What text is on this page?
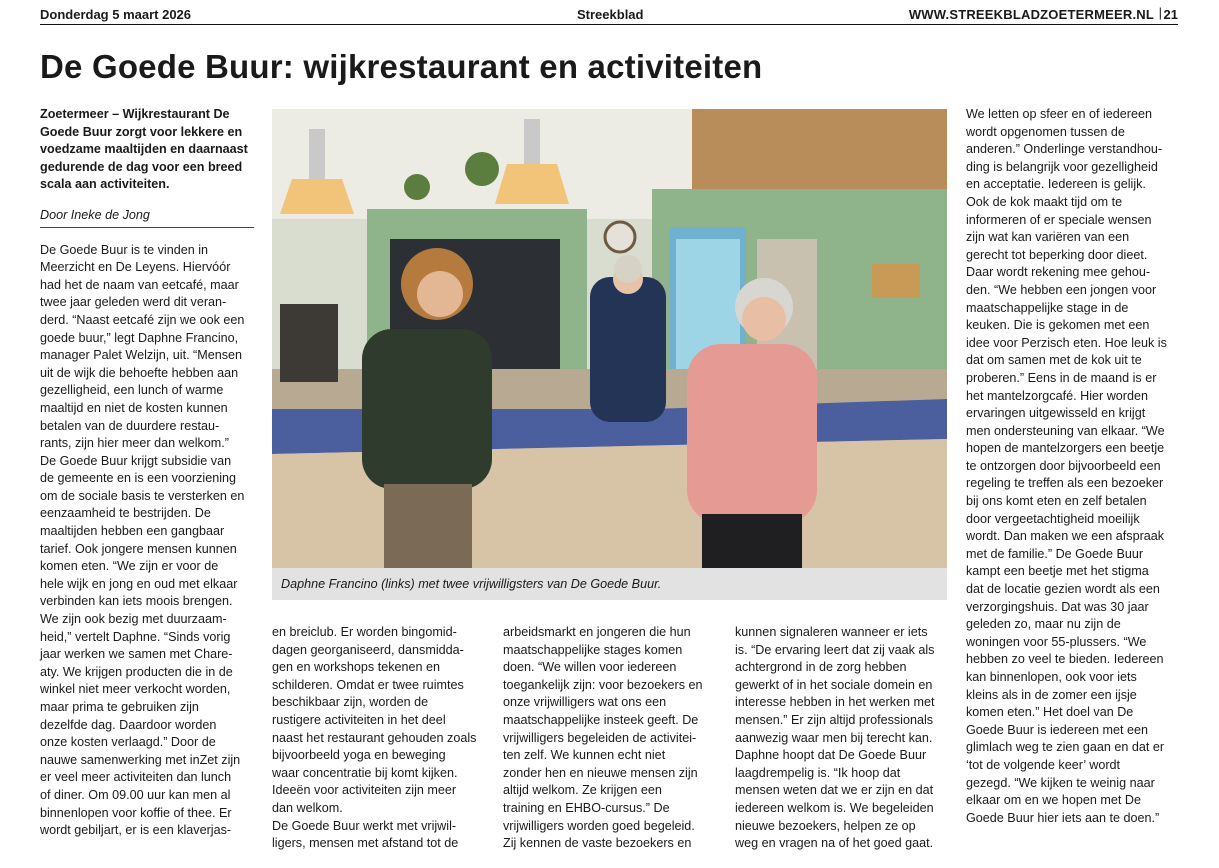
Donderdag 5 maart 2026	Streekblad	WWW.STREEKBLADZOETERMEER.NL | 21
De Goede Buur: wijkrestaurant en activiteiten

Zoetermeer – Wijkrestaurant De

Goede Buur zorgt voor lekkere en

voedzame maaltijden en daarnaast

gedurende de dag voor een breed

scala aan activiteiten.

Door Ineke de Jong

De Goede Buur is te vinden in

Meerzicht en De Leyens. Hiervóór

had het de naam van eetcafé, maar

twee jaar geleden werd dit veran-

derd. “Naast eetcafé zijn we ook een

goede buur,” legt Daphne Francino,

manager Palet Welzijn, uit. “Mensen

uit de wijk die behoefte hebben aan

gezelligheid, een lunch of warme

maaltijd en niet de kosten kunnen

betalen van de duurdere restau-

rants, zijn hier meer dan welkom.”

De Goede Buur krijgt subsidie van

de gemeente en is een voorziening

om de sociale basis te versterken en

eenzaamheid te bestrijden. De

maaltijden hebben een gangbaar

tarief. Ook jongere mensen kunnen

komen eten. “We zijn er voor de

hele wijk en jong en oud met elkaar

verbinden kan iets moois brengen.

We zijn ook bezig met duurzaam-

heid,” vertelt Daphne. “Sinds vorig

jaar werken we samen met Chare-

aty. We krijgen producten die in de

winkel niet meer verkocht worden,

maar prima te gebruiken zijn

dezelfde dag. Daardoor worden

onze kosten verlaagd.” Door de

nauwe samenwerking met inZet zijn

er veel meer activiteiten dan lunch

of diner. Om 09.00 uur kan men al

binnenlopen voor koffie of thee. Er

wordt gebiljart, er is een klaverjas-

Daphne Francino (links) met twee vrijwilligsters van De Goede Buur.

en breiclub. Er worden bingomid-

dagen georganiseerd, dansmidda-

gen en workshops tekenen en

schilderen. Omdat er twee ruimtes

beschikbaar zijn, worden de

rustigere activiteiten in het deel

naast het restaurant gehouden zoals

bijvoorbeeld yoga en beweging

waar concentratie bij komt kijken.

Ideeën voor activiteiten zijn meer

dan welkom.

De Goede Buur werkt met vrijwil-

ligers, mensen met afstand tot de

arbeidsmarkt en jongeren die hun

maatschappelijke stages komen

doen. “We willen voor iedereen

toegankelijk zijn: voor bezoekers en

onze vrijwilligers wat ons een

maatschappelijke insteek geeft. De

vrijwilligers begeleiden de activitei-

ten zelf. We kunnen echt niet

zonder hen en nieuwe mensen zijn

altijd welkom. Ze krijgen een

training en EHBO-cursus.” De

vrijwilligers worden goed begeleid.

Zij kennen de vaste bezoekers en

kunnen signaleren wanneer er iets

is. “De ervaring leert dat zij vaak als

achtergrond in de zorg hebben

gewerkt of in het sociale domein en

interesse hebben in het werken met

mensen.” Er zijn altijd professionals

aanwezig waar men bij terecht kan.

Daphne hoopt dat De Goede Buur

laagdrempelig is. “Ik hoop dat

mensen weten dat we er zijn en dat

iedereen welkom is. We begeleiden

nieuwe bezoekers, helpen ze op

weg en vragen na of het goed gaat.

We letten op sfeer en of iedereen

wordt opgenomen tussen de

anderen.” Onderlinge verstandhou-

ding is belangrijk voor gezelligheid

en acceptatie. Iedereen is gelijk.

Ook de kok maakt tijd om te

informeren of er speciale wensen

zijn wat kan variëren van een

gerecht tot beperking door dieet.

Daar wordt rekening mee gehou-

den. “We hebben een jongen voor

maatschappelijke stage in de

keuken. Die is gekomen met een

idee voor Perzisch eten. Hoe leuk is

dat om samen met de kok uit te

proberen.” Eens in de maand is er

het mantelzorgcafé. Hier worden

ervaringen uitgewisseld en krijgt

men ondersteuning van elkaar. “We

hopen de mantelzorgers een beetje

te ontzorgen door bijvoorbeeld een

regeling te treffen als een bezoeker

bij ons komt eten en zelf betalen

door vergeetachtigheid moeilijk

wordt. Dan maken we een afspraak

met de familie.” De Goede Buur

kampt een beetje met het stigma

dat de locatie gezien wordt als een

verzorgingshuis. Dat was 30 jaar

geleden zo, maar nu zijn de

woningen voor 55-plussers. “We

hebben zo veel te bieden. Iedereen

kan binnenlopen, ook voor iets

kleins als in de zomer een ijsje

komen eten.” Het doel van De

Goede Buur is iedereen met een

glimlach weg te zien gaan en dat er

‘tot de volgende keer’ wordt

gezegd. “We kijken te weinig naar

elkaar om en we hopen met De

Goede Buur hier iets aan te doen.”
